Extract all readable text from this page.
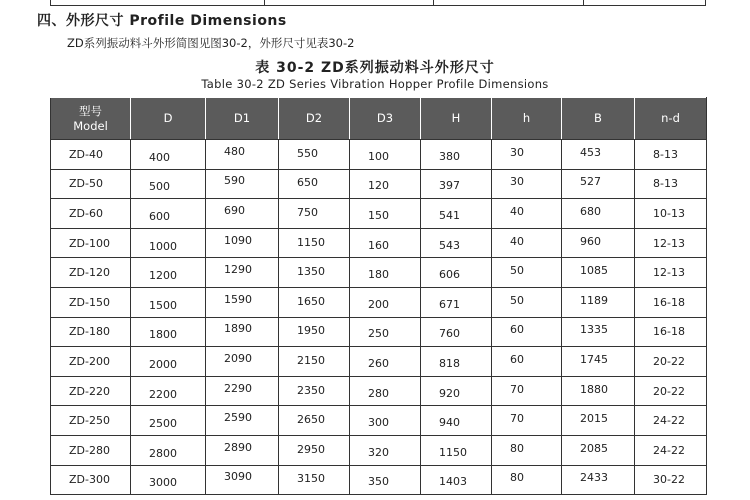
四、外形尺寸 Profile Dimensions
ZD系列振动料斗外形简图见图30-2，外形尺寸见表30-2
表 30-2 ZD系列振动料斗外形尺寸
Table 30-2 ZD Series Vibration Hopper Profile Dimensions
型号
Model	D	D1	D2	D3	H	h	B	n-d
ZD-40	400	480	550	100	380	30	453	8-13
ZD-50	500	590	650	120	397	30	527	8-13
ZD-60	600	690	750	150	541	40	680	10-13
ZD-100	1000	1090	1150	160	543	40	960	12-13
ZD-120	1200	1290	1350	180	606	50	1085	12-13
ZD-150	1500	1590	1650	200	671	50	1189	16-18
ZD-180	1800	1890	1950	250	760	60	1335	16-18
ZD-200	2000	2090	2150	260	818	60	1745	20-22
ZD-220	2200	2290	2350	280	920	70	1880	20-22
ZD-250	2500	2590	2650	300	940	70	2015	24-22
ZD-280	2800	2890	2950	320	1150	80	2085	24-22
ZD-300	3000	3090	3150	350	1403	80	2433	30-22
